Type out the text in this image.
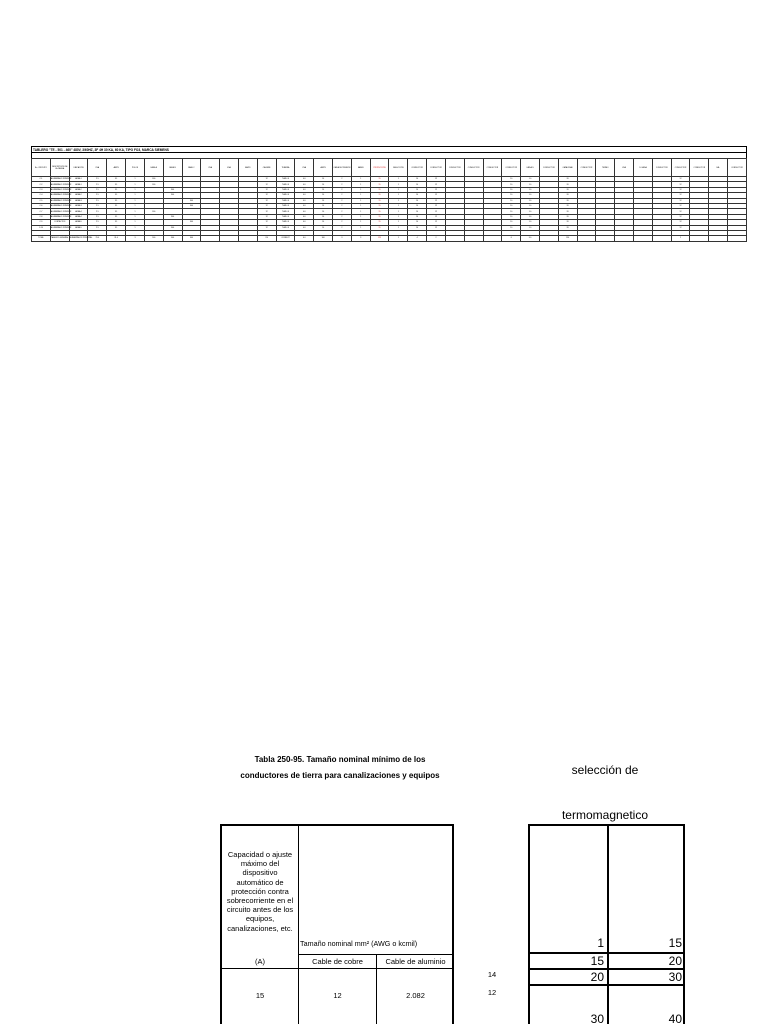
TABLERO "TE - 501 - 460" 480V, 3/60HZ, 3F 4H 30 KA, 60 KA, TIPO FO3, MARCA SIEMENS
No. CIRCUITO	DESCRIPCIÓN DE LA CARGA	UBICACIÓN	KVA	AMPS	POLOS	FASE A	FASE B	FASE C	KVA	KVA	AMPS	CALIBRE	TUBERÍA	KVA	AMPS	CAÍDA DE TENSIÓN	FASES	PROTECCIÓN	SELECCIÓN	CONDUCTOR	CONDUCTOR	CONDUCTOR	CONDUCTOR	CONDUCTOR	CONDUCTOR	CAÍDA %	CONDUCTOR	CAPACIDAD	CONDUCTOR	TERMO	KVA	% CAÍDA	CONDUCTOR	CONDUCTOR	CONDUCTOR	CAL.	CONDUCTOR
C-1	ALUMBRADO INTERIOR	AREA 1	2.5	3.1	1	300						12	THW-LS	0.6	10	2	1	15	1	14	12				10	1.0		20						12			
C-2	ALUMBRADO INTERIOR	AREA 1	2.5	3.1	1	300						12	THW-LS	0.6	10	2	1	15	1	14	12				10	1.0		20						12			
C-3	ALUMBRADO INTERIOR	AREA 2	2.5	3.1	1		300					12	THW-LS	0.6	10	2	1	15	1	14	12				10	1.0		20						12			
C-4	ALUMBRADO INTERIOR	AREA 2	2.5	3.1	1		300					12	THW-LS	0.6	10	2	1	15	1	14	12				10	1.0		20						12			
C-5	ALUMBRADO INTERIOR	AREA 3	2.5	3.1	1			300				12	THW-LS	0.6	10	2	1	15	1	14	12				10	1.0		20						12			
C-6	ALUMBRADO INTERIOR	AREA 3	2.5	3.1	1			300				12	THW-LS	0.6	10	2	1	15	1	14	12				10	1.0		20						12			
C-7	ALUMBRADO INTERIOR	AREA 4	2.5	3.1	1	300						12	THW-LS	0.6	10	2	1	15	1	14	12				10	1.0		20						12			
C-8	ALUMBRADO INTERIOR	AREA 4	2.5	3.1	1		300					12	THW-LS	0.6	10	2	1	15	1	14	12				10	1.0		20						12			
C-9	CONTACTOS	AREA 5	2.5	3.1	1			300				12	THW-LS	0.6	10	2	1	15	1	14	12				10	1.0		20						12			
C-10	ALUMBRADO INTERIOR	AREA 5	2.5	3.1	1		300					12	THW-LS	0.6	10	2	1	15	1	14	12				10	1.0		20						12			

TOTAL	TABLERO GENERAL	ALIMENTADOR PRINCIPAL	25.0	31.0	3	900	900	900				2/0	CONDUIT	6.0	100	3	3	125	1	4	2				6	3.0		150						2			
Tabla 250-95. Tamaño nominal mínimo de los
conductores de tierra para canalizaciones y equipos
Capacidad o ajuste máximo del dispositivo automático de protección contra sobrecorriente en el circuito antes de los equipos, canalizaciones, etc.
(A)
Tamaño nominal mm² (AWG o kcmil)
Cable de cobre	Cable de aluminio
15	12	2.082
14
12
selección de
termomagnetico
1	15
15	20
20	30
30	40
